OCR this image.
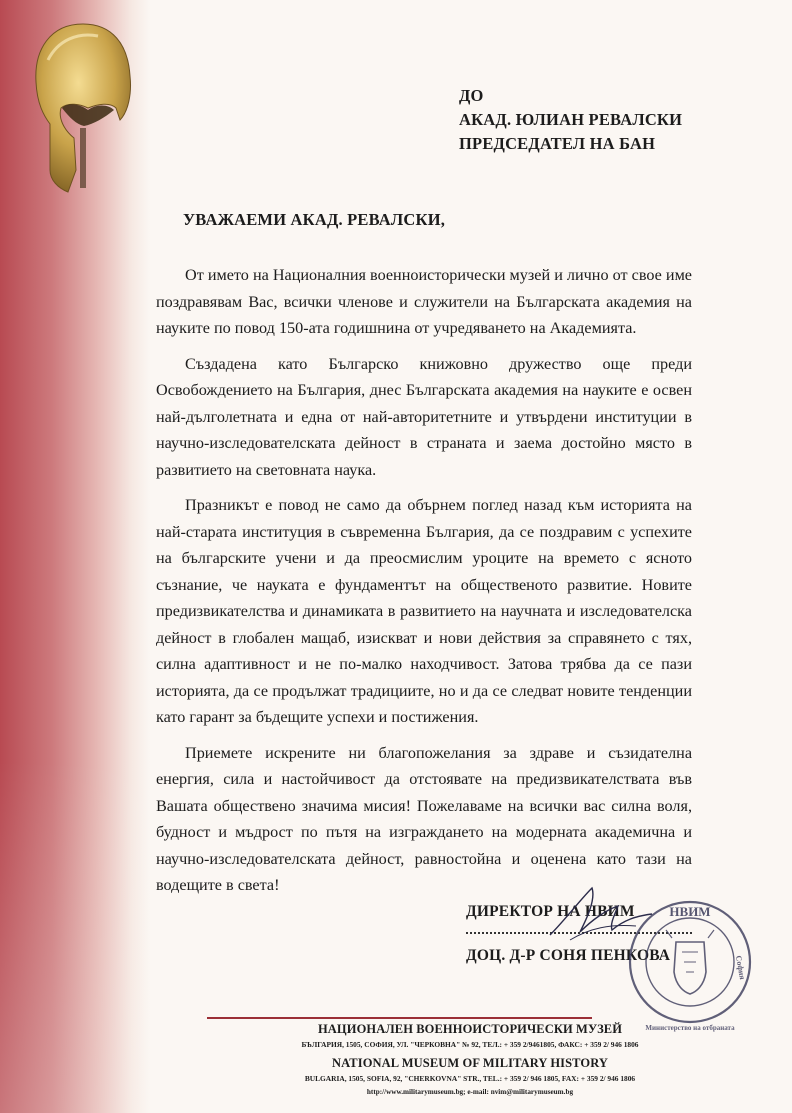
ДО
АКАД. ЮЛИАН РЕВАЛСКИ
ПРЕДСЕДАТЕЛ НА БАН
УВАЖАЕМИ АКАД. РЕВАЛСКИ,

От името на Националния военноисторически музей и лично от свое име поздравявам Вас, всички членове и служители на Българската академия на науките по повод 150-ата годишнина от учредяването на Академията.

Създадена като Българско книжовно дружество още преди Освобождението на България, днес Българската академия на науките е освен най-дълголетната и една от най-авторитетните и утвърдени институции в научно-изследователската дейност в страната и заема достойно място в развитието на световната наука.

Празникът е повод не само да обърнем поглед назад към историята на най-старата институция в съвременна България, да се поздравим с успехите на българските учени и да преосмислим уроците на времето с ясното съзнание, че науката е фундаментът на общественото развитие. Новите предизвикателства и динамиката в развитието на научната и изследователска дейност в глобален мащаб, изискват и нови действия за справянето с тях, силна адаптивност и не по-малко находчивост. Затова трябва да се пази историята, да се продължат традициите, но и да се следват новите тенденции като гарант за бъдещите успехи и постижения.

Приемете искрените ни благопожелания за здраве и съзидателна енергия, сила и настойчивост да отстоявате на предизвикателствата във Вашата обществено значима мисия! Пожелаваме на всички вас силна воля, будност и мъдрост по пътя на изграждането на модерната академична и научно-изследователската дейност, равностойна и оценена като тази на водещите в света!

ДИРЕКТОР НА НВИМ
ДОЦ. Д-Р СОНЯ ПЕНКОВА
НВИМ
Министерство на отбраната
София
НАЦИОНАЛЕН ВОЕННОИСТОРИЧЕСКИ МУЗЕЙ
БЪЛГАРИЯ, 1505, СОФИЯ, УЛ. "ЧЕРКОВНА" № 92, ТЕЛ.: + 359 2/9461805, ФАКС: + 359 2/ 946 1806
NATIONAL MUSEUM OF MILITARY HISTORY
BULGARIA, 1505, SOFIA, 92, "CHERKOVNA" STR., TEL.: + 359 2/ 946 1805, FAX: + 359 2/ 946 1806
http://www.militarymuseum.bg; e-mail: nvim@militarymuseum.bg
